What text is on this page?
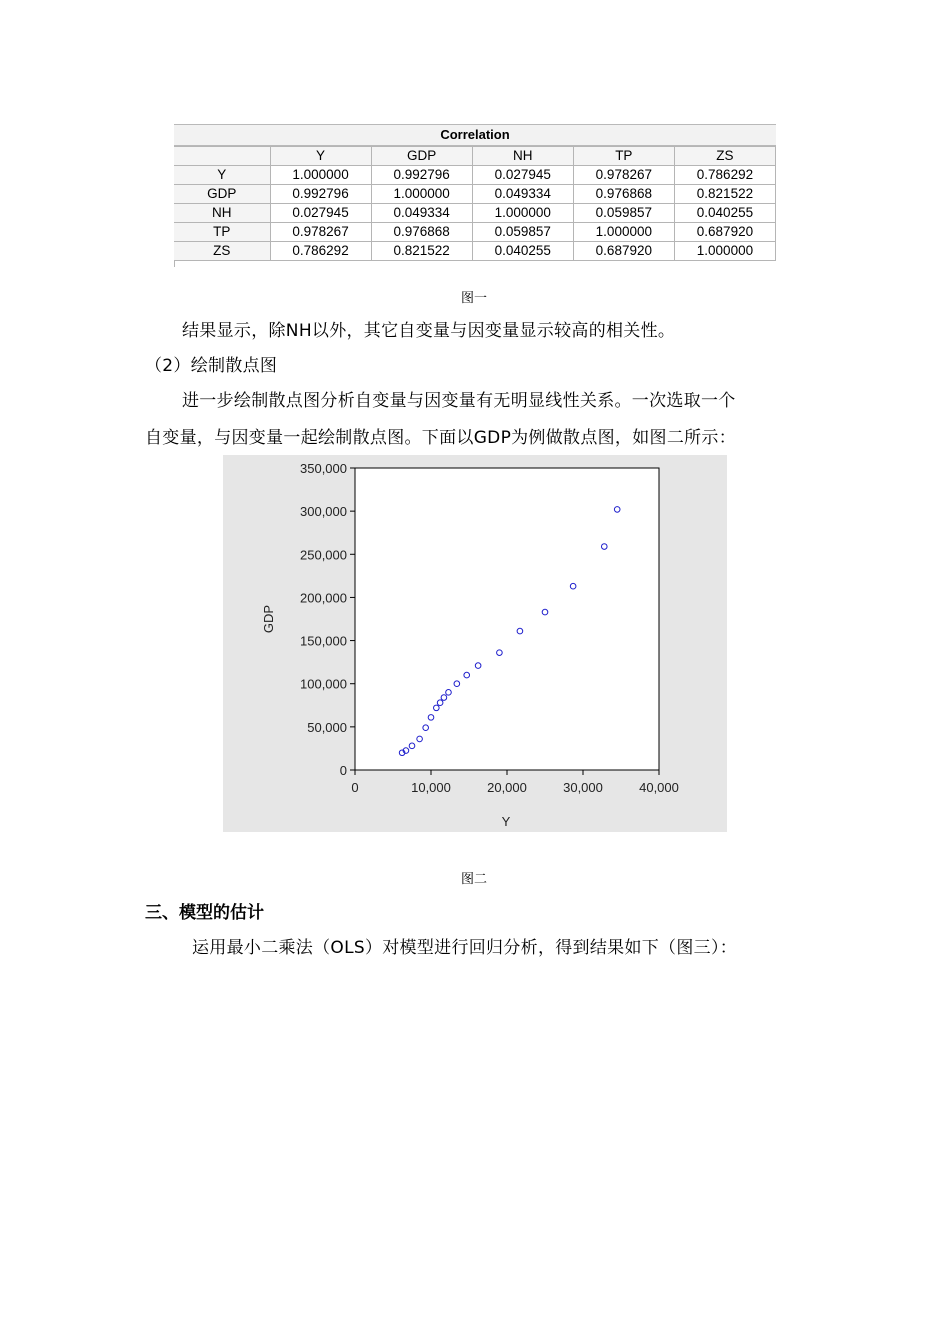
Correlation
	Y	GDP	NH	TP	ZS
Y	1.000000	0.992796	0.027945	0.978267	0.786292
GDP	0.992796	1.000000	0.049334	0.976868	0.821522
NH	0.027945	0.049334	1.000000	0.059857	0.040255
TP	0.978267	0.976868	0.059857	1.000000	0.687920
ZS	0.786292	0.821522	0.040255	0.687920	1.000000
图一
结果显示，除NH以外，其它自变量与因变量显示较高的相关性。
（2）绘制散点图
进一步绘制散点图分析自变量与因变量有无明显线性关系。一次选取一个
自变量，与因变量一起绘制散点图。下面以GDP为例做散点图，如图二所示：
0
50,000
100,000
150,000
200,000
250,000
300,000
350,000
0	10,000	20,000	30,000	40,000
Y
GDP
图二
三、模型的估计
运用最小二乘法（OLS）对模型进行回归分析，得到结果如下（图三）：
